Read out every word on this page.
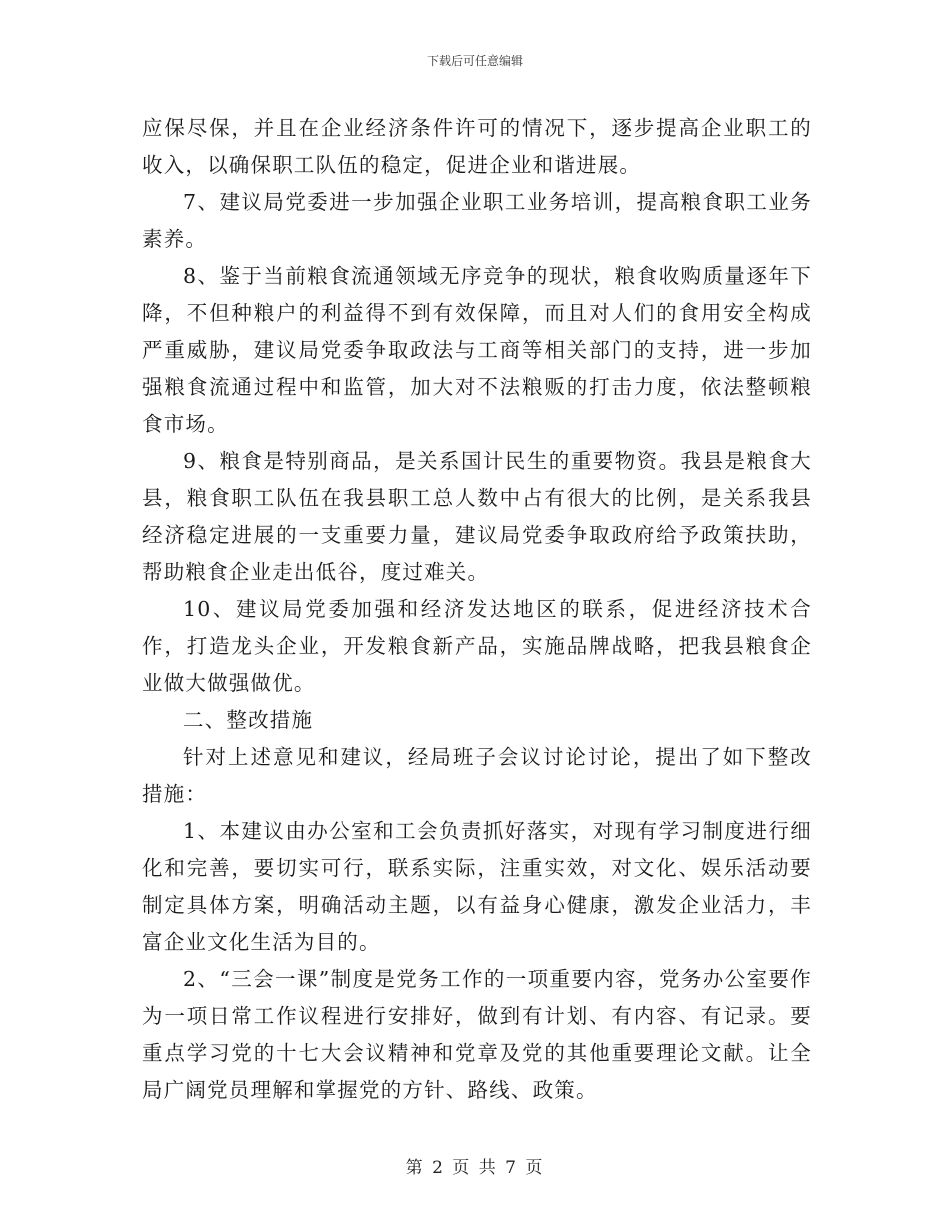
下载后可任意编辑

应保尽保，并且在企业经济条件许可的情况下，逐步提高企业职工的收入，以确保职工队伍的稳定，促进企业和谐进展。

7、建议局党委进一步加强企业职工业务培训，提高粮食职工业务素养。

8、鉴于当前粮食流通领域无序竞争的现状，粮食收购质量逐年下降，不但种粮户的利益得不到有效保障，而且对人们的食用安全构成严重威胁，建议局党委争取政法与工商等相关部门的支持，进一步加强粮食流通过程中和监管，加大对不法粮贩的打击力度，依法整顿粮食市场。

9、粮食是特别商品，是关系国计民生的重要物资。我县是粮食大县，粮食职工队伍在我县职工总人数中占有很大的比例，是关系我县经济稳定进展的一支重要力量，建议局党委争取政府给予政策扶助，帮助粮食企业走出低谷，度过难关。

10、建议局党委加强和经济发达地区的联系，促进经济技术合作，打造龙头企业，开发粮食新产品，实施品牌战略，把我县粮食企业做大做强做优。

二、整改措施

针对上述意见和建议，经局班子会议讨论讨论，提出了如下整改措施：

1、本建议由办公室和工会负责抓好落实，对现有学习制度进行细化和完善，要切实可行，联系实际，注重实效，对文化、娱乐活动要制定具体方案，明确活动主题，以有益身心健康，激发企业活力，丰富企业文化生活为目的。

2、“三会一课”制度是党务工作的一项重要内容，党务办公室要作为一项日常工作议程进行安排好，做到有计划、有内容、有记录。要重点学习党的十七大会议精神和党章及党的其他重要理论文献。让全局广阔党员理解和掌握党的方针、路线、政策。

第 2 页 共 7 页
